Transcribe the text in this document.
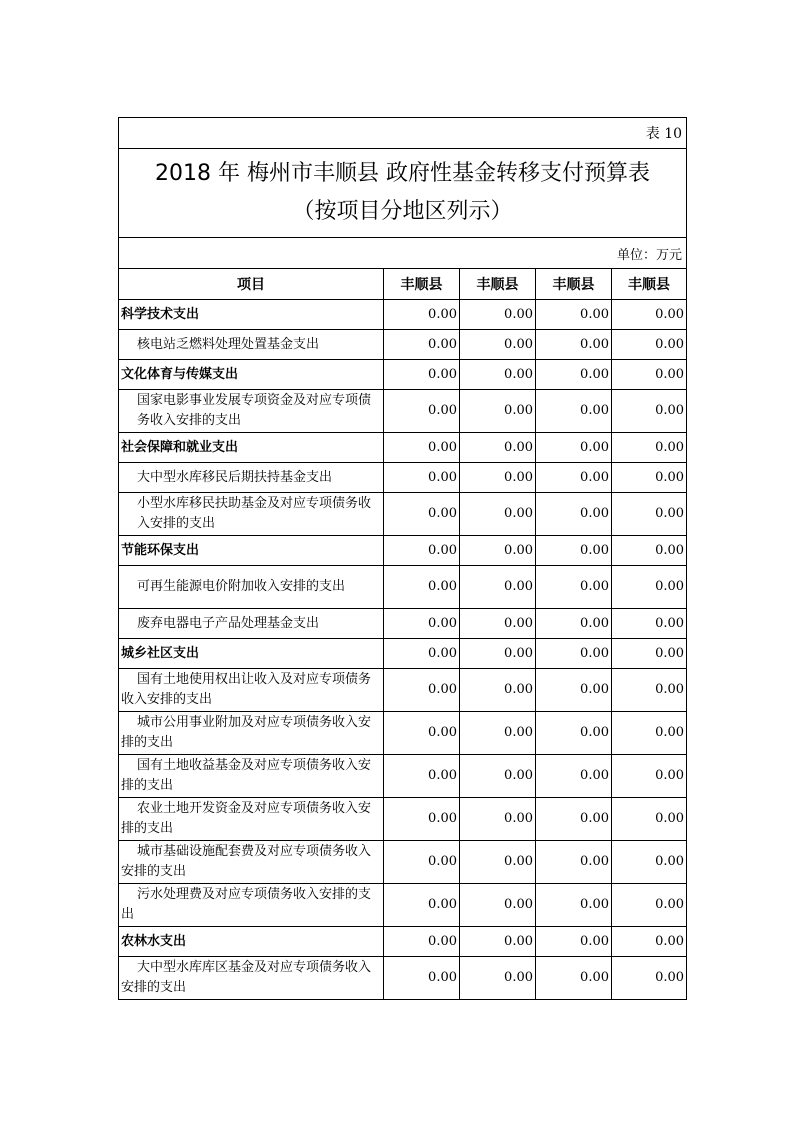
表 10				

2018 年 梅州市丰顺县 政府性基金转移支付预算表
（按项目分地区列示）				

单位：万元				
项目	丰顺县	丰顺县	丰顺县	丰顺县
科学技术支出	0.00	0.00	0.00	0.00
核电站乏燃料处理处置基金支出	0.00	0.00	0.00	0.00
文化体育与传媒支出	0.00	0.00	0.00	0.00
国家电影事业发展专项资金及对应专项债务收入安排的支出	0.00	0.00	0.00	0.00
社会保障和就业支出	0.00	0.00	0.00	0.00
大中型水库移民后期扶持基金支出	0.00	0.00	0.00	0.00
小型水库移民扶助基金及对应专项债务收入安排的支出	0.00	0.00	0.00	0.00
节能环保支出	0.00	0.00	0.00	0.00
可再生能源电价附加收入安排的支出	0.00	0.00	0.00	0.00
废弃电器电子产品处理基金支出	0.00	0.00	0.00	0.00
城乡社区支出	0.00	0.00	0.00	0.00
国有土地使用权出让收入及对应专项债务收入安排的支出	0.00	0.00	0.00	0.00
城市公用事业附加及对应专项债务收入安排的支出	0.00	0.00	0.00	0.00
国有土地收益基金及对应专项债务收入安排的支出	0.00	0.00	0.00	0.00
农业土地开发资金及对应专项债务收入安排的支出	0.00	0.00	0.00	0.00
城市基础设施配套费及对应专项债务收入安排的支出	0.00	0.00	0.00	0.00
污水处理费及对应专项债务收入安排的支出	0.00	0.00	0.00	0.00
农林水支出	0.00	0.00	0.00	0.00
大中型水库库区基金及对应专项债务收入安排的支出	0.00	0.00	0.00	0.00
